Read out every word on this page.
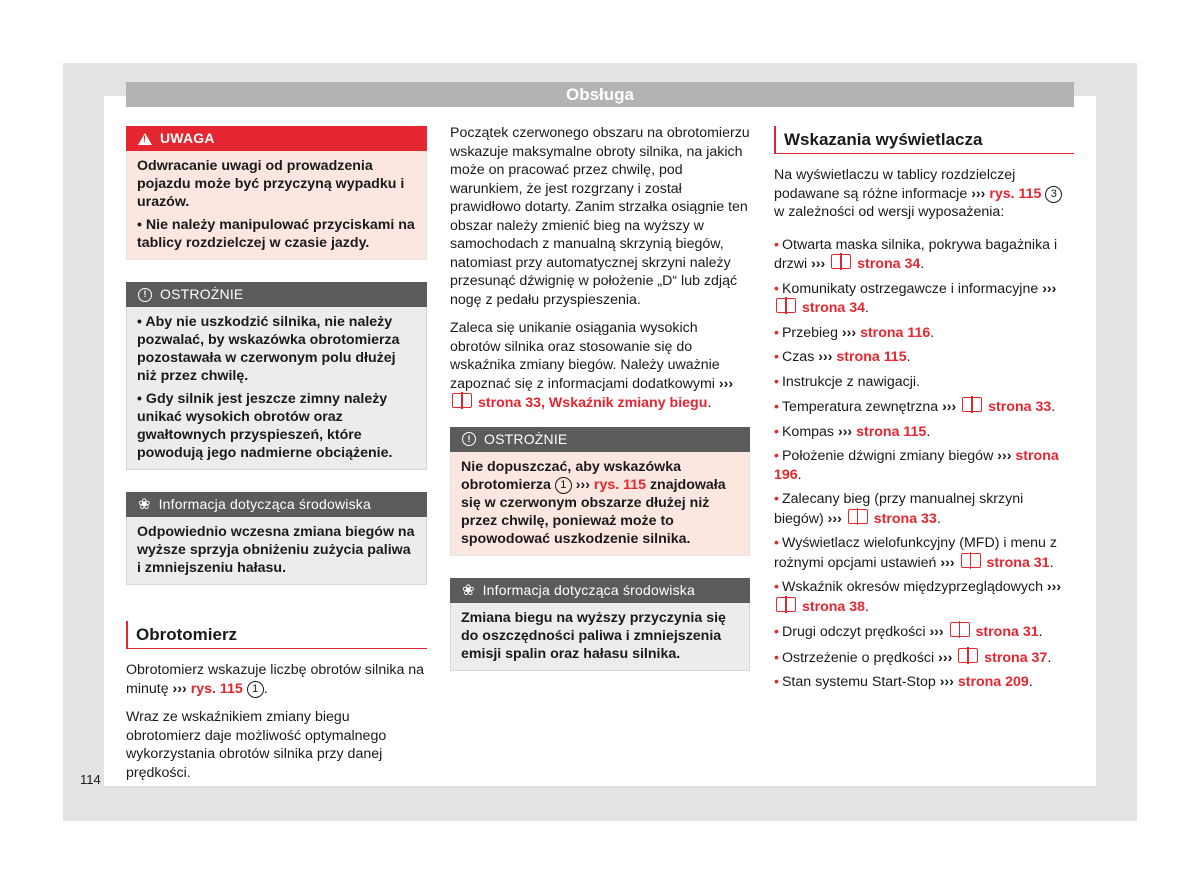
Obsługa
114
!
UWAGA

Odwracanie uwagi od prowadzenia pojazdu może być przyczyną wypadku i urazów.

• Nie należy manipulować przyciskami na tablicy rozdzielczej w czasie jazdy.

! OSTROŻNIE

• Aby nie uszkodzić silnika, nie należy pozwalać, by wskazówka obrotomierza pozostawała w czerwonym polu dłużej niż przez chwilę.

• Gdy silnik jest jeszcze zimny należy unikać wysokich obrotów oraz gwałtownych przyspieszeń, które powodują jego nadmierne obciążenie.

❀ Informacja dotycząca środowiska

Odpowiednio wczesna zmiana biegów na wyższe sprzyja obniżeniu zużycia paliwa i zmniejszeniu hałasu.

Obrotomierz

Obrotomierz wskazuje liczbę obrotów silnika na minutę ››› rys. 115 1 .

Wraz ze wskaźnikiem zmiany biegu obrotomierz daje możliwość optymalnego wykorzystania obrotów silnika przy danej prędkości.

Początek czerwonego obszaru na obrotomierzu wskazuje maksymalne obroty silnika, na jakich może on pracować przez chwilę, pod warunkiem, że jest rozgrzany i został prawidłowo dotarty. Zanim strzałka osiągnie ten obszar należy zmienić bieg na wyższy w samochodach z manualną skrzynią biegów, natomiast przy automatycznej skrzyni należy przesunąć dźwignię w położenie „D“ lub zdjąć nogę z pedału przyspieszenia.

Zaleca się unikanie osiągania wysokich obrotów silnika oraz stosowanie się do wskaźnika zmiany biegów. Należy uważnie zapoznać się z informacjami dodatkowymi ›››  strona 33, Wskaźnik zmiany biegu.

! OSTROŻNIE

Nie dopuszczać, aby wskazówka obrotomierza 1 ››› rys. 115 znajdowała się w czerwonym obszarze dłużej niż przez chwilę, ponieważ może to spowodować uszkodzenie silnika.

❀ Informacja dotycząca środowiska

Zmiana biegu na wyższy przyczynia się do oszczędności paliwa i zmniejszenia emisji spalin oraz hałasu silnika.

Wskazania wyświetlacza

Na wyświetlaczu w tablicy rozdzielczej podawane są różne informacje ››› rys. 115 3 w zależności od wersji wyposażenia:

• Otwarta maska silnika, pokrywa bagażnika i drzwi ››› strona 34.
• Komunikaty ostrzegawcze i informacyjne ›››  strona 34.
• Przebieg ››› strona 116.
• Czas ››› strona 115.
• Instrukcje z nawigacji.
• Temperatura zewnętrzna ››› strona 33.
• Kompas ››› strona 115.
• Położenie dźwigni zmiany biegów ››› strona 196.
• Zalecany bieg (przy manualnej skrzyni biegów) ››› strona 33.
• Wyświetlacz wielofunkcyjny (MFD) i menu z rożnymi opcjami ustawień ››› strona 31.
• Wskaźnik okresów międzyprzeglądowych ›››  strona 38.
• Drugi odczyt prędkości ››› strona 31.
• Ostrzeżenie o prędkości ››› strona 37.
• Stan systemu Start-Stop ››› strona 209.
